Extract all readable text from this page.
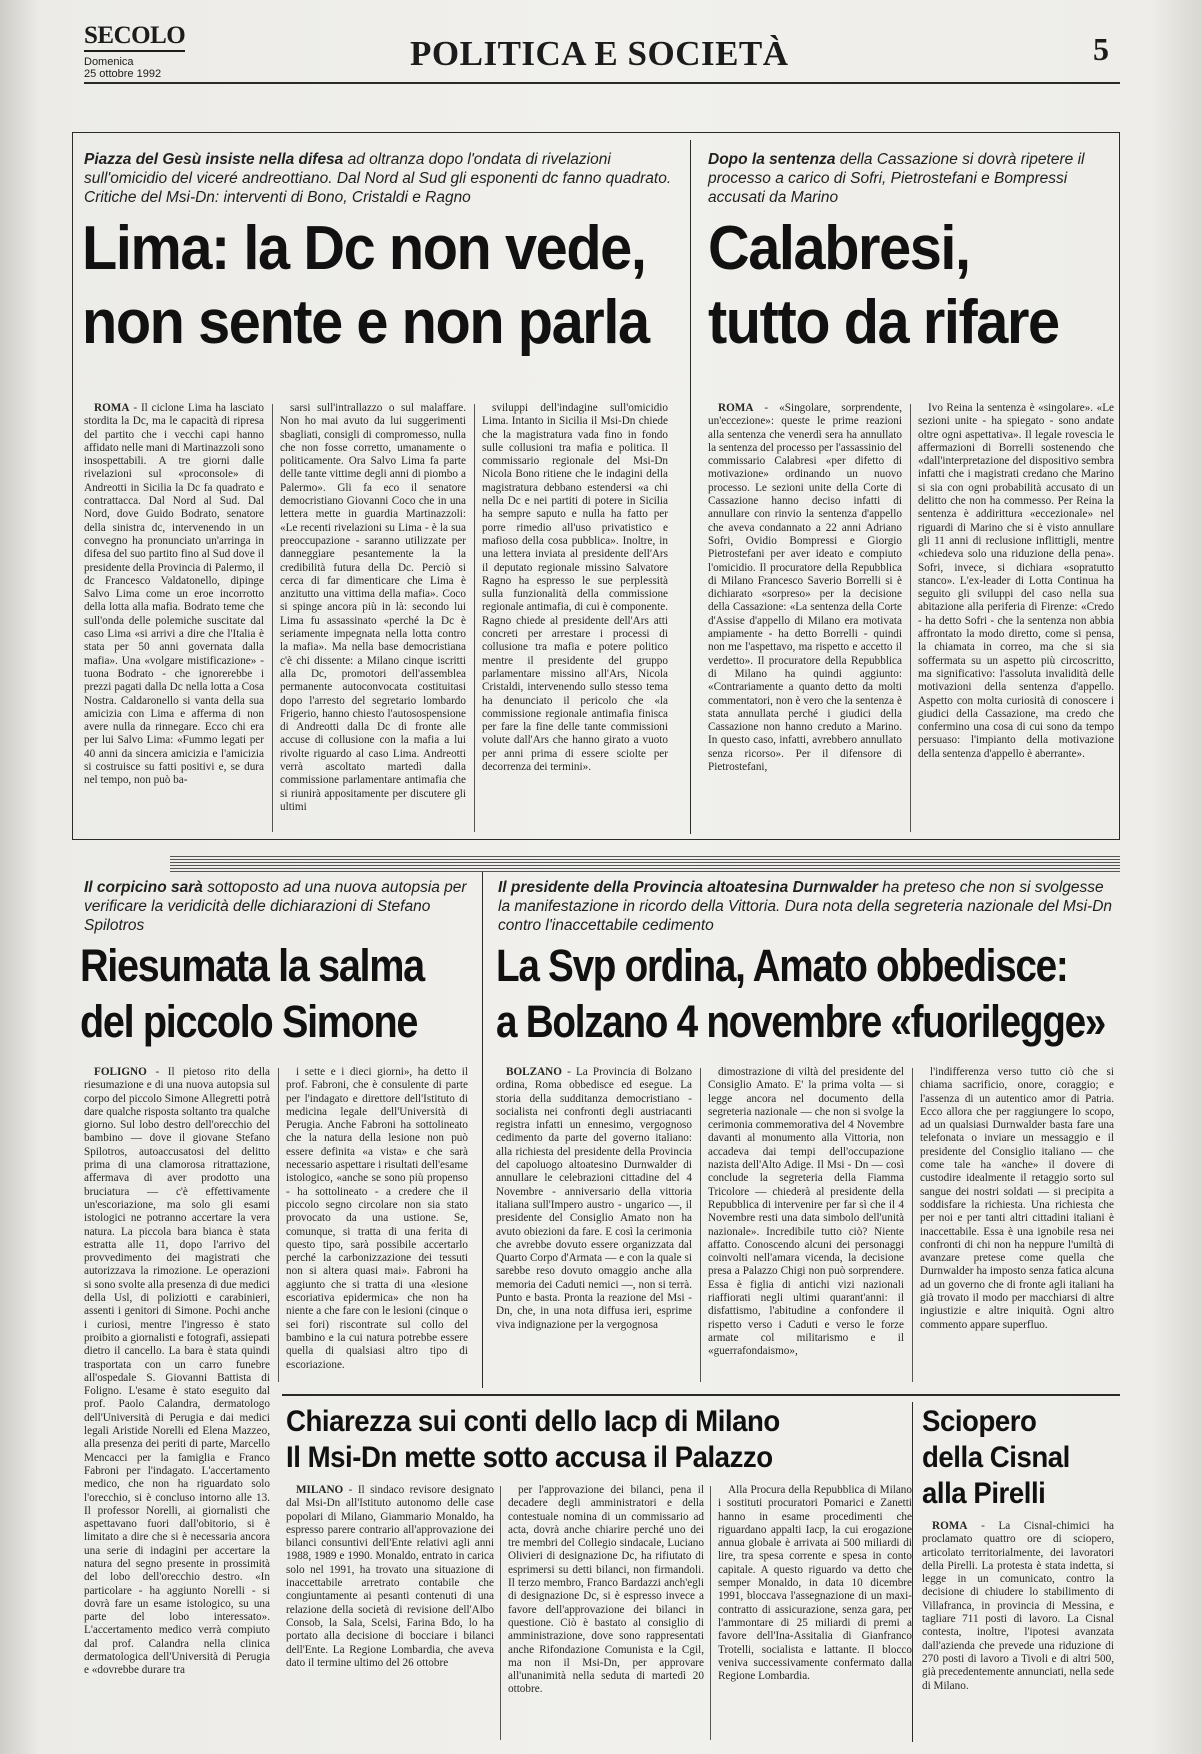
SECOLO
Domenica
25 ottobre 1992
POLITICA E SOCIETÀ	5
Piazza del Gesù insiste nella difesa ad oltranza dopo l'ondata di rivelazioni sull'omicidio del viceré andreottiano. Dal Nord al Sud gli esponenti dc fanno quadrato. Critiche del Msi-Dn: interventi di Bono, Cristaldi e Ragno
Lima: la Dc non vede,
non sente e non parla

ROMA - Il ciclone Lima ha lasciato stordita la Dc, ma le capacità di ripresa del partito che i vecchi capi hanno affidato nelle mani di Martinazzoli sono insospettabili. A tre giorni dalle rivelazioni sul «proconsole» di Andreotti in Sicilia la Dc fa quadrato e contrattacca. Dal Nord al Sud. Dal Nord, dove Guido Bodrato, senatore della sinistra dc, intervenendo in un convegno ha pronunciato un'arringa in difesa del suo partito fino al Sud dove il presidente della Provincia di Palermo, il dc Francesco Valdatonello, dipinge Salvo Lima come un eroe incorrotto della lotta alla mafia. Bodrato teme che sull'onda delle polemiche suscitate dal caso Lima «si arrivi a dire che l'Italia è stata per 50 anni governata dalla mafia». Una «volgare mistificazione» - tuona Bodrato - che ignorerebbe i prezzi pagati dalla Dc nella lotta a Cosa Nostra. Caldaronello si vanta della sua amicizia con Lima e afferma di non avere nulla da rinnegare. Ecco chi era per lui Salvo Lima: «Fummo legati per 40 anni da sincera amicizia e l'amicizia si costruisce su fatti positivi e, se dura nel tempo, non può ba-

sarsi sull'intrallazzo o sul malaffare. Non ho mai avuto da lui suggerimenti sbagliati, consigli di compromesso, nulla che non fosse corretto, umanamente o politicamente. Ora Salvo Lima fa parte delle tante vittime degli anni di piombo a Palermo». Gli fa eco il senatore democristiano Giovanni Coco che in una lettera mette in guardia Martinazzoli: «Le recenti rivelazioni su Lima - è la sua preoccupazione - saranno utilizzate per danneggiare pesantemente la la credibilità futura della Dc. Perciò si cerca di far dimenticare che Lima è anzitutto una vittima della mafia». Coco si spinge ancora più in là: secondo lui Lima fu assassinato «perché la Dc è seriamente impegnata nella lotta contro la mafia». Ma nella base democristiana c'è chi dissente: a Milano cinque iscritti alla Dc, promotori dell'assemblea permanente autoconvocata costituitasi dopo l'arresto del segretario lombardo Frigerio, hanno chiesto l'autosospensione di Andreotti dalla Dc di fronte alle accuse di collusione con la mafia a lui rivolte riguardo al caso Lima. Andreotti verrà ascoltato martedì dalla commissione parlamentare antimafia che si riunirà appositamente per discutere gli ultimi

sviluppi dell'indagine sull'omicidio Lima. Intanto in Sicilia il Msi-Dn chiede che la magistratura vada fino in fondo sulle collusioni tra mafia e politica. Il commissario regionale del Msi-Dn Nicola Bono ritiene che le indagini della magistratura debbano estendersi «a chi nella Dc e nei partiti di potere in Sicilia ha sempre saputo e nulla ha fatto per porre rimedio all'uso privatistico e mafioso della cosa pubblica». Inoltre, in una lettera inviata al presidente dell'Ars il deputato regionale missino Salvatore Ragno ha espresso le sue perplessità sulla funzionalità della commissione regionale antimafia, di cui è componente. Ragno chiede al presidente dell'Ars atti concreti per arrestare i processi di collusione tra mafia e potere politico mentre il presidente del gruppo parlamentare missino all'Ars, Nicola Cristaldi, intervenendo sullo stesso tema ha denunciato il pericolo che «la commissione regionale antimafia finisca per fare la fine delle tante commissioni volute dall'Ars che hanno girato a vuoto per anni prima di essere sciolte per decorrenza dei termini».

Dopo la sentenza della Cassazione si dovrà ripetere il processo a carico di Sofri, Pietrostefani e Bompressi accusati da Marino
Calabresi,
tutto da rifare

ROMA - «Singolare, sorprendente, un'eccezione»: queste le prime reazioni alla sentenza che venerdì sera ha annullato la sentenza del processo per l'assassinio del commissario Calabresi «per difetto di motivazione» ordinando un nuovo processo. Le sezioni unite della Corte di Cassazione hanno deciso infatti di annullare con rinvio la sentenza d'appello che aveva condannato a 22 anni Adriano Sofri, Ovidio Bompressi e Giorgio Pietrostefani per aver ideato e compiuto l'omicidio. Il procuratore della Repubblica di Milano Francesco Saverio Borrelli si è dichiarato «sorpreso» per la decisione della Cassazione: «La sentenza della Corte d'Assise d'appello di Milano era motivata ampiamente - ha detto Borrelli - quindi non me l'aspettavo, ma rispetto e accetto il verdetto». Il procuratore della Repubblica di Milano ha quindi aggiunto: «Contrariamente a quanto detto da molti commentatori, non è vero che la sentenza è stata annullata perché i giudici della Cassazione non hanno creduto a Marino. In questo caso, infatti, avrebbero annullato senza ricorso». Per il difensore di Pietrostefani,

Ivo Reina la sentenza è «singolare». «Le sezioni unite - ha spiegato - sono andate oltre ogni aspettativa». Il legale rovescia le affermazioni di Borrelli sostenendo che «dall'interpretazione del dispositivo sembra infatti che i magistrati credano che Marino si sia con ogni probabilità accusato di un delitto che non ha commesso. Per Reina la sentenza è addirittura «eccezionale» nel riguardi di Marino che si è visto annullare gli 11 anni di reclusione inflittigli, mentre «chiedeva solo una riduzione della pena». Sofri, invece, si dichiara «sopratutto stanco». L'ex-leader di Lotta Continua ha seguito gli sviluppi del caso nella sua abitazione alla periferia di Firenze: «Credo - ha detto Sofri - che la sentenza non abbia affrontato la modo diretto, come si pensa, la chiamata in correo, ma che si sia soffermata su un aspetto più circoscritto, ma significativo: l'assoluta invalidità delle motivazioni della sentenza d'appello. Aspetto con molta curiosità di conoscere i giudici della Cassazione, ma credo che confermino una cosa di cui sono da tempo persuaso: l'impianto della motivazione della sentenza d'appello è aberrante».

Il corpicino sarà sottoposto ad una nuova autopsia per verificare la veridicità delle dichiarazioni di Stefano Spilotros
Riesumata la salma
del piccolo Simone

FOLIGNO - Il pietoso rito della riesumazione e di una nuova autopsia sul corpo del piccolo Simone Allegretti potrà dare qualche risposta soltanto tra qualche giorno. Sul lobo destro dell'orecchio del bambino — dove il giovane Stefano Spilotros, autoaccusatosi del delitto prima di una clamorosa ritrattazione, affermava di aver prodotto una bruciatura — c'è effettivamente un'escoriazione, ma solo gli esami istologici ne potranno accertare la vera natura. La piccola bara bianca è stata estratta alle 11, dopo l'arrivo del provvedimento dei magistrati che autorizzava la rimozione. Le operazioni si sono svolte alla presenza di due medici della Usl, di poliziotti e carabinieri, assenti i genitori di Simone. Pochi anche i curiosi, mentre l'ingresso è stato proibito a giornalisti e fotografi, assiepati dietro il cancello. La bara è stata quindi trasportata con un carro funebre all'ospedale S. Giovanni Battista di Foligno. L'esame è stato eseguito dal prof. Paolo Calandra, dermatologo dell'Università di Perugia e dai medici legali Aristide Norelli ed Elena Mazzeo, alla presenza dei periti di parte, Marcello Mencacci per la famiglia e Franco Fabroni per l'indagato. L'accertamento medico, che non ha riguardato solo l'orecchio, si è concluso intorno alle 13. Il professor Norelli, ai giornalisti che aspettavano fuori dall'obitorio, si è limitato a dire che si è necessaria ancora una serie di indagini per accertare la natura del segno presente in prossimità del lobo dell'orecchio destro. «In particolare - ha aggiunto Norelli - si dovrà fare un esame istologico, su una parte del lobo interessato». L'accertamento medico verrà compiuto dal prof. Calandra nella clinica dermatologica dell'Università di Perugia e «dovrebbe durare tra

i sette e i dieci giorni», ha detto il prof. Fabroni, che è consulente di parte per l'indagato e direttore dell'Istituto di medicina legale dell'Università di Perugia. Anche Fabroni ha sottolineato che la natura della lesione non può essere definita «a vista» e che sarà necessario aspettare i risultati dell'esame istologico, «anche se sono più propenso - ha sottolineato - a credere che il piccolo segno circolare non sia stato provocato da una ustione. Se, comunque, si tratta di una ferita di questo tipo, sarà possibile accertarlo perché la carbonizzazione dei tessuti non si altera quasi mai». Fabroni ha aggiunto che si tratta di una «lesione escoriativa epidermica» che non ha niente a che fare con le lesioni (cinque o sei fori) riscontrate sul collo del bambino e la cui natura potrebbe essere quella di qualsiasi altro tipo di escoriazione.

Il presidente della Provincia altoatesina Durnwalder ha preteso che non si svolgesse la manifestazione in ricordo della Vittoria. Dura nota della segreteria nazionale del Msi-Dn contro l'inaccettabile cedimento
La Svp ordina, Amato obbedisce:
a Bolzano 4 novembre «fuorilegge»

BOLZANO - La Provincia di Bolzano ordina, Roma obbedisce ed esegue. La storia della sudditanza democristiano - socialista nei confronti degli austriacanti registra infatti un ennesimo, vergognoso cedimento da parte del governo italiano: alla richiesta del presidente della Provincia del capoluogo altoatesino Durnwalder di annullare le celebrazioni cittadine del 4 Novembre - anniversario della vittoria italiana sull'Impero austro - ungarico —, il presidente del Consiglio Amato non ha avuto obiezioni da fare. E così la cerimonia che avrebbe dovuto essere organizzata dal Quarto Corpo d'Armata — e con la quale si sarebbe reso dovuto omaggio anche alla memoria dei Caduti nemici —, non si terrà. Punto e basta. Pronta la reazione del Msi - Dn, che, in una nota diffusa ieri, esprime viva indignazione per la vergognosa

dimostrazione di viltà del presidente del Consiglio Amato. E' la prima volta — si legge ancora nel documento della segreteria nazionale — che non si svolge la cerimonia commemorativa del 4 Novembre davanti al monumento alla Vittoria, non accadeva dai tempi dell'occupazione nazista dell'Alto Adige. Il Msi - Dn — così conclude la segreteria della Fiamma Tricolore — chiederà al presidente della Repubblica di intervenire per far sì che il 4 Novembre resti una data simbolo dell'unità nazionale». Incredibile tutto ciò? Niente affatto. Conoscendo alcuni dei personaggi coinvolti nell'amara vicenda, la decisione presa a Palazzo Chigi non può sorprendere. Essa è figlia di antichi vizi nazionali riaffiorati negli ultimi quarant'anni: il disfattismo, l'abitudine a confondere il rispetto verso i Caduti e verso le forze armate col militarismo e il «guerrafondaismo»,

l'indifferenza verso tutto ciò che si chiama sacrificio, onore, coraggio; e l'assenza di un autentico amor di Patria. Ecco allora che per raggiungere lo scopo, ad un qualsiasi Durnwalder basta fare una telefonata o inviare un messaggio e il presidente del Consiglio italiano — che come tale ha «anche» il dovere di custodire idealmente il retaggio sorto sul sangue dei nostri soldati — si precipita a soddisfare la richiesta. Una richiesta che per noi e per tanti altri cittadini italiani è inaccettabile. Essa è una ignobile resa nei confronti di chi non ha neppure l'umiltà di avanzare pretese come quella che Durnwalder ha imposto senza fatica alcuna ad un governo che di fronte agli italiani ha già trovato il modo per macchiarsi di altre ingiustizie e altre iniquità. Ogni altro commento appare superfluo.

Chiarezza sui conti dello Iacp di Milano
Il Msi-Dn mette sotto accusa il Palazzo

MILANO - Il sindaco revisore designato dal Msi-Dn all'Istituto autonomo delle case popolari di Milano, Giammario Monaldo, ha espresso parere contrario all'approvazione dei bilanci consuntivi dell'Ente relativi agli anni 1988, 1989 e 1990. Monaldo, entrato in carica solo nel 1991, ha trovato una situazione di inaccettabile arretrato contabile che congiuntamente ai pesanti contenuti di una relazione della società di revisione dell'Albo Consob, la Sala, Scelsi, Farina Bdo, lo ha portato alla decisione di bocciare i bilanci dell'Ente. La Regione Lombardia, che aveva dato il termine ultimo del 26 ottobre

per l'approvazione dei bilanci, pena il decadere degli amministratori e della contestuale nomina di un commissario ad acta, dovrà anche chiarire perché uno dei tre membri del Collegio sindacale, Luciano Olivieri di designazione Dc, ha rifiutato di esprimersi su detti bilanci, non firmandoli. Il terzo membro, Franco Bardazzi anch'egli di designazione Dc, si è espresso invece a favore dell'approvazione dei bilanci in questione. Ciò è bastato al consiglio di amministrazione, dove sono rappresentati anche Rifondazione Comunista e la Cgil, ma non il Msi-Dn, per approvare all'unanimità nella seduta di martedì 20 ottobre.

Alla Procura della Repubblica di Milano i sostituti procuratori Pomarici e Zanetti hanno in esame procedimenti che riguardano appalti Iacp, la cui erogazione annua globale è arrivata ai 500 miliardi di lire, tra spesa corrente e spesa in conto capitale. A questo riguardo va detto che semper Monaldo, in data 10 dicembre 1991, bloccava l'assegnazione di un maxi-contratto di assicurazione, senza gara, per l'ammontare di 25 miliardi di premi a favore dell'Ina-Assitalia di Gianfranco Trotelli, socialista e lattante. Il blocco veniva successivamente confermato dalla Regione Lombardia.

Sciopero
della Cisnal
alla Pirelli

ROMA - La Cisnal-chimici ha proclamato quattro ore di sciopero, articolato territorialmente, dei lavoratori della Pirelli. La protesta è stata indetta, si legge in un comunicato, contro la decisione di chiudere lo stabilimento di Villafranca, in provincia di Messina, e tagliare 711 posti di lavoro. La Cisnal contesta, inoltre, l'ipotesi avanzata dall'azienda che prevede una riduzione di 270 posti di lavoro a Tivoli e di altri 500, già precedentemente annunciati, nella sede di Milano.
